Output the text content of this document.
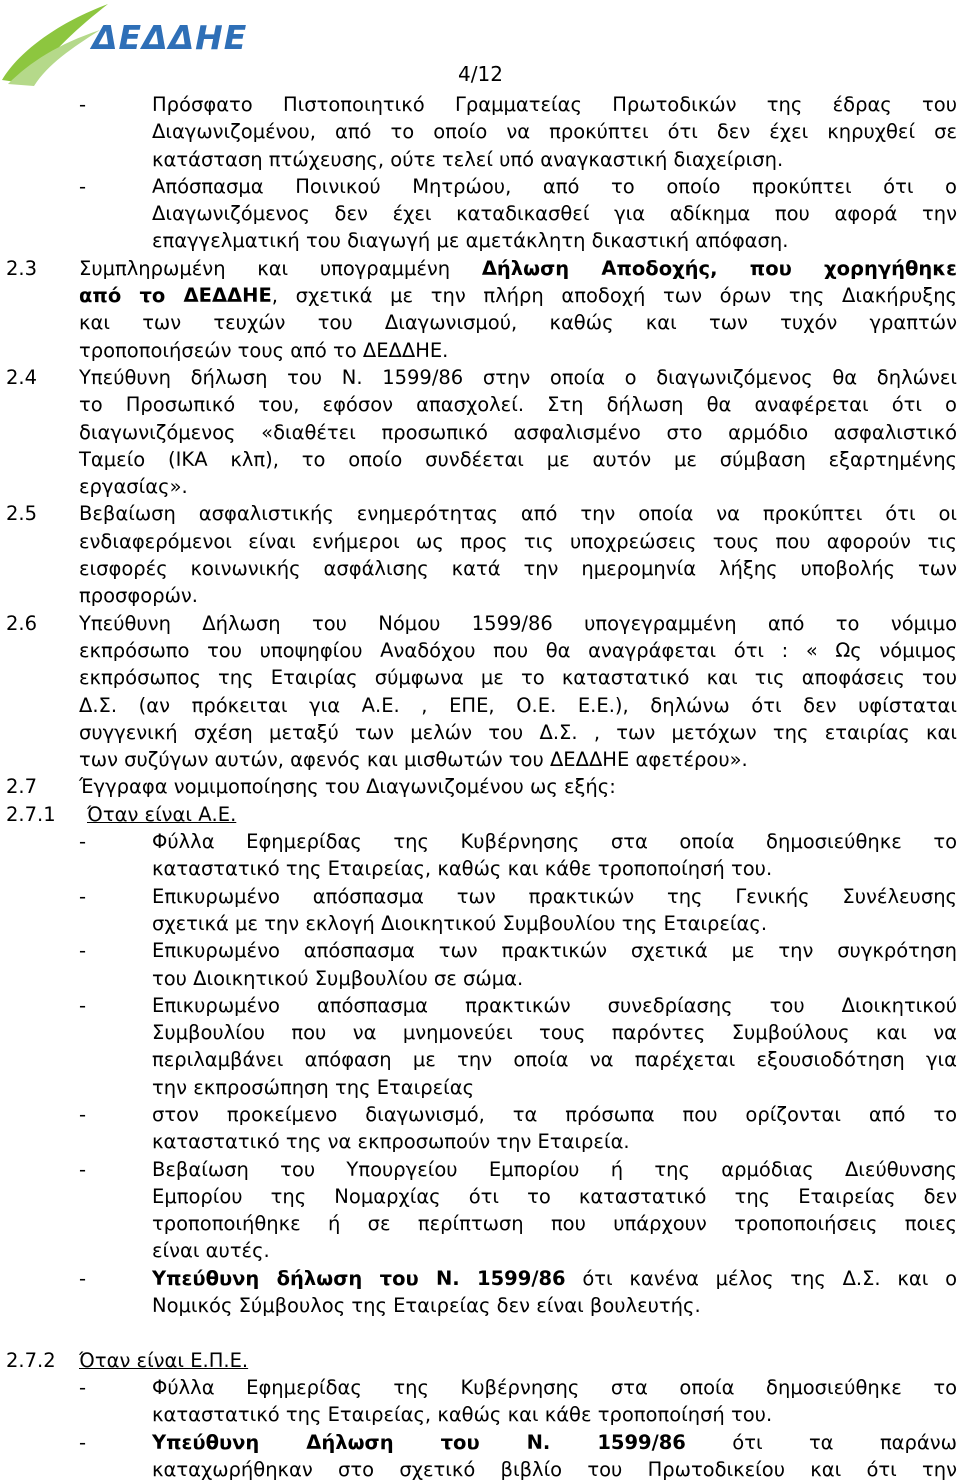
ΔΕΔΔΗΕ
4/12
-	Πρόσφατο Πιστοποιητικό Γραμματείας Πρωτοδικών της έδρας του
Διαγωνιζομένου, από το οποίο να προκύπτει ότι δεν έχει κηρυχθεί σε
κατάσταση πτώχευσης, ούτε τελεί υπό αναγκαστική διαχείριση.
-	Απόσπασμα Ποινικού Μητρώου, από το οποίο προκύπτει ότι ο
Διαγωνιζόμενος δεν έχει καταδικασθεί για αδίκημα που αφορά την
επαγγελματική του διαγωγή με αμετάκλητη δικαστική απόφαση.
2.3 Συμπληρωμένη και υπογραμμένη Δήλωση Αποδοχής, που χορηγήθηκε
από το ΔΕΔΔΗΕ, σχετικά με την πλήρη αποδοχή των όρων της Διακήρυξης
και των τευχών του Διαγωνισμού, καθώς και των τυχόν γραπτών
τροποποιήσεών τους από το ΔΕΔΔΗΕ.
2.4 Υπεύθυνη δήλωση του Ν. 1599/86 στην οποία ο διαγωνιζόμενος θα δηλώνει
το Προσωπικό του, εφόσον απασχολεί. Στη δήλωση θα αναφέρεται ότι ο
διαγωνιζόμενος «διαθέτει προσωπικό ασφαλισμένο στο αρμόδιο ασφαλιστικό
Ταμείο (ΙΚΑ κλπ), το οποίο συνδέεται με αυτόν με σύμβαση εξαρτημένης
εργασίας».
2.5 Βεβαίωση ασφαλιστικής ενημερότητας από την οποία να προκύπτει ότι οι
ενδιαφερόμενοι είναι ενήμεροι ως προς τις υποχρεώσεις τους που αφορούν τις
εισφορές κοινωνικής ασφάλισης κατά την ημερομηνία λήξης υποβολής των
προσφορών.
2.6 Υπεύθυνη Δήλωση του Νόμου 1599/86 υπογεγραμμένη από το νόμιμο
εκπρόσωπο του υποψηφίου Αναδόχου που θα αναγράφεται ότι : « Ως νόμιμος
εκπρόσωπος της Εταιρίας σύμφωνα με το καταστατικό και τις αποφάσεις του
Δ.Σ. (αν πρόκειται για Α.Ε. , ΕΠΕ, Ο.Ε. Ε.Ε.), δηλώνω ότι δεν υφίσταται
συγγενική σχέση μεταξύ των μελών του Δ.Σ. , των μετόχων της εταιρίας και
των συζύγων αυτών, αφενός και μισθωτών του ΔΕΔΔΗΕ αφετέρου».
2.7 Έγγραφα νομιμοποίησης του Διαγωνιζομένου ως εξής:
2.7.1 Όταν είναι Α.Ε.
-	Φύλλα Εφημερίδας της Κυβέρνησης στα οποία δημοσιεύθηκε το
καταστατικό της Εταιρείας, καθώς και κάθε τροποποίησή του.
-	Επικυρωμένο απόσπασμα των πρακτικών της Γενικής Συνέλευσης
σχετικά με την εκλογή Διοικητικού Συμβουλίου της Εταιρείας.
-	Επικυρωμένο απόσπασμα των πρακτικών σχετικά με την συγκρότηση
του Διοικητικού Συμβουλίου σε σώμα.
-	Επικυρωμένο απόσπασμα πρακτικών συνεδρίασης του Διοικητικού
Συμβουλίου που να μνημονεύει τους παρόντες Συμβούλους και να
περιλαμβάνει απόφαση με την οποία να παρέχεται εξουσιοδότηση για
την εκπροσώπηση της Εταιρείας
-	στον προκείμενο διαγωνισμό, τα πρόσωπα που ορίζονται από το
καταστατικό της να εκπροσωπούν την Εταιρεία.
-	Βεβαίωση του Υπουργείου Εμπορίου ή της αρμόδιας Διεύθυνσης
Εμπορίου της Νομαρχίας ότι το καταστατικό της Εταιρείας δεν
τροποποιήθηκε ή σε περίπτωση που υπάρχουν τροποποιήσεις ποιες
είναι αυτές.
-	Υπεύθυνη δήλωση του Ν. 1599/86 ότι κανένα μέλος της Δ.Σ. και ο
Νομικός Σύμβουλος της Εταιρείας δεν είναι βουλευτής.
2.7.2 Όταν είναι Ε.Π.Ε.
-	Φύλλα Εφημερίδας της Κυβέρνησης στα οποία δημοσιεύθηκε το
καταστατικό της Εταιρείας, καθώς και κάθε τροποποίησή του.
-	Υπεύθυνη Δήλωση του Ν. 1599/86 ότι τα παράνω
καταχωρήθηκαν στο σχετικό βιβλίο του Πρωτοδικείου και ότι την
